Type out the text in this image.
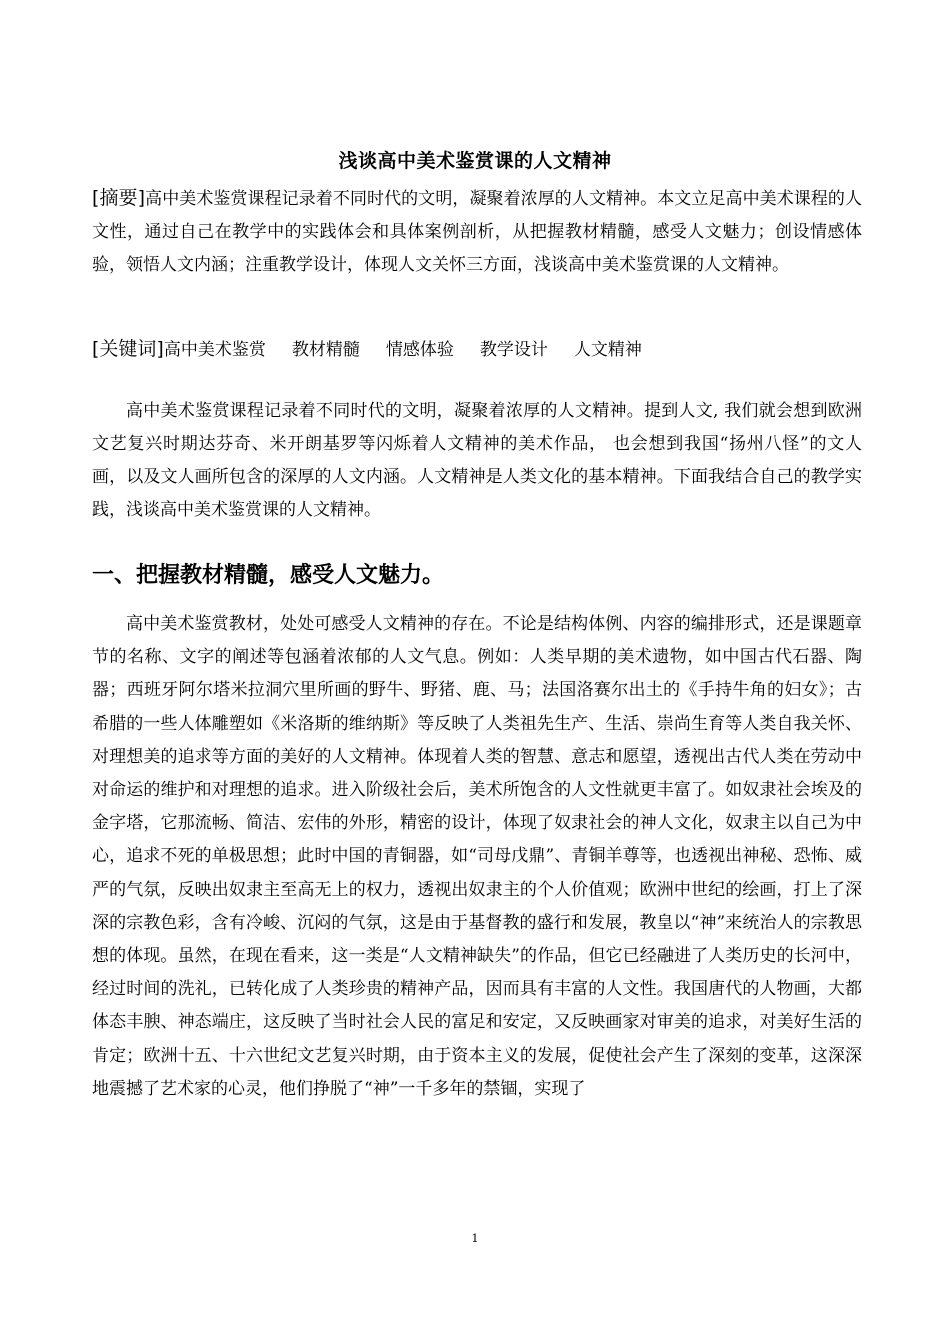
浅谈高中美术鉴赏课的人文精神
[摘要]高中美术鉴赏课程记录着不同时代的文明，凝聚着浓厚的人文精神。本文立足高中美术课程的人文性，通过自己在教学中的实践体会和具体案例剖析，从把握教材精髓，感受人文魅力；创设情感体验，领悟人文内涵；注重教学设计，体现人文关怀三方面，浅谈高中美术鉴赏课的人文精神。
[关键词]高中美术鉴赏 教材精髓 情感体验 教学设计 人文精神
高中美术鉴赏课程记录着不同时代的文明，凝聚着浓厚的人文精神。提到人文, 我们就会想到欧洲文艺复兴时期达芬奇、米开朗基罗等闪烁着人文精神的美术作品， 也会想到我国“扬州八怪”的文人画，以及文人画所包含的深厚的人文内涵。人文精神是人类文化的基本精神。下面我结合自己的教学实践，浅谈高中美术鉴赏课的人文精神。
一、把握教材精髓，感受人文魅力。
高中美术鉴赏教材，处处可感受人文精神的存在。不论是结构体例、内容的编排形式，还是课题章节的名称、文字的阐述等包涵着浓郁的人文气息。例如：人类早期的美术遗物，如中国古代石器、陶器；西班牙阿尔塔米拉洞穴里所画的野牛、野猪、鹿、马；法国洛赛尔出土的《手持牛角的妇女》；古希腊的一些人体雕塑如《米洛斯的维纳斯》等反映了人类祖先生产、生活、崇尚生育等人类自我关怀、对理想美的追求等方面的美好的人文精神。体现着人类的智慧、意志和愿望，透视出古代人类在劳动中对命运的维护和对理想的追求。进入阶级社会后，美术所饱含的人文性就更丰富了。如奴隶社会埃及的金字塔，它那流畅、简洁、宏伟的外形，精密的设计，体现了奴隶社会的神人文化，奴隶主以自己为中心，追求不死的单极思想；此时中国的青铜器，如“司母戊鼎”、青铜羊尊等，也透视出神秘、恐怖、威严的气氛，反映出奴隶主至高无上的权力，透视出奴隶主的个人价值观；欧洲中世纪的绘画，打上了深深的宗教色彩，含有冷峻、沉闷的气氛，这是由于基督教的盛行和发展，教皇以“神”来统治人的宗教思想的体现。虽然，在现在看来，这一类是“人文精神缺失”的作品，但它已经融进了人类历史的长河中，经过时间的洗礼，已转化成了人类珍贵的精神产品，因而具有丰富的人文性。我国唐代的人物画，大都体态丰腴、神态端庄，这反映了当时社会人民的富足和安定，又反映画家对审美的追求，对美好生活的肯定；欧洲十五、十六世纪文艺复兴时期，由于资本主义的发展，促使社会产生了深刻的变革，这深深地震撼了艺术家的心灵，他们挣脱了“神”一千多年的禁锢，实现了
1
